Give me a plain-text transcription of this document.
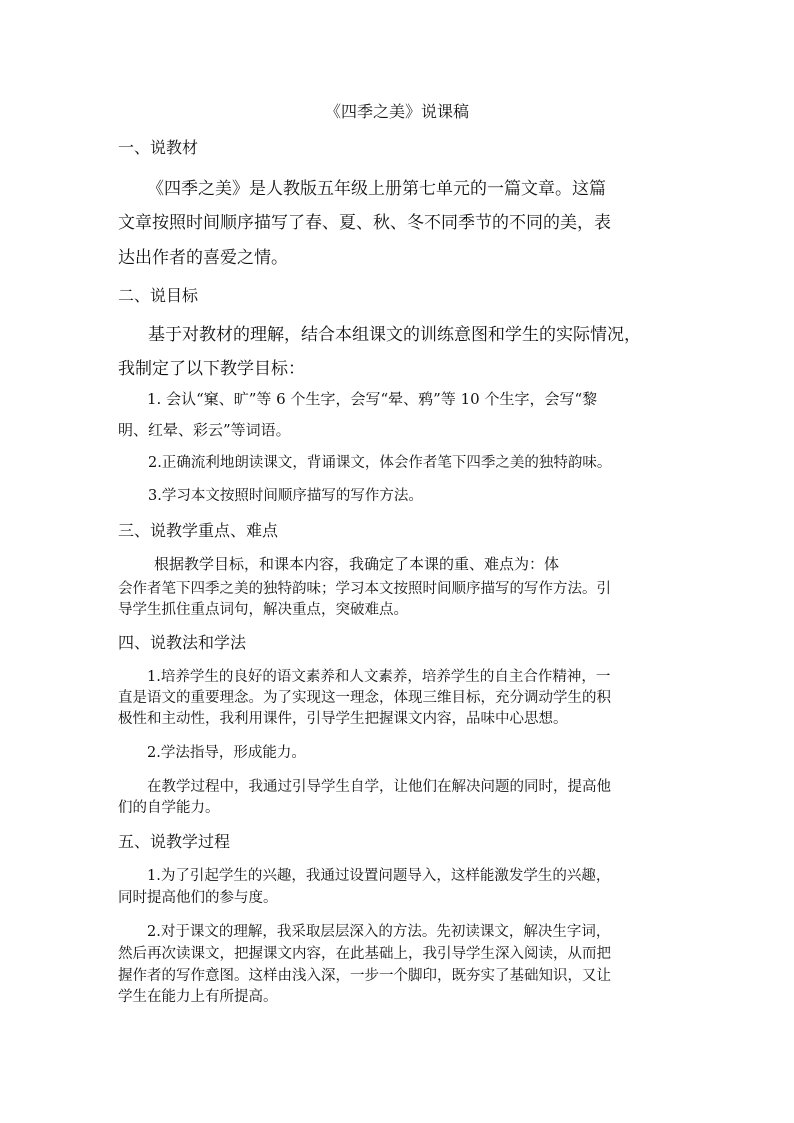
《四季之美》说课稿
一、说教材
《四季之美》是人教版五年级上册第七单元的一篇文章。这篇
文章按照时间顺序描写了春、夏、秋、冬不同季节的不同的美，表
达出作者的喜爱之情。
二、说目标
基于对教材的理解，结合本组课文的训练意图和学生的实际情况，
我制定了以下教学目标：
1. 会认“窠、旷”等 6 个生字，会写“晕、鸦”等 10 个生字，会写“黎
明、红晕、彩云”等词语。
2.正确流利地朗读课文，背诵课文，体会作者笔下四季之美的独特韵味。
3.学习本文按照时间顺序描写的写作方法。
三、说教学重点、难点
根据教学目标，和课本内容，我确定了本课的重、难点为：体
会作者笔下四季之美的独特韵味；学习本文按照时间顺序描写的写作方法。引
导学生抓住重点词句，解决重点，突破难点。
四、说教法和学法
1.培养学生的良好的语文素养和人文素养，培养学生的自主合作精神，一
直是语文的重要理念。为了实现这一理念，体现三维目标，充分调动学生的积
极性和主动性，我利用课件，引导学生把握课文内容，品味中心思想。
2.学法指导，形成能力。
在教学过程中，我通过引导学生自学，让他们在解决问题的同时，提高他
们的自学能力。
五、说教学过程
1.为了引起学生的兴趣，我通过设置问题导入，这样能激发学生的兴趣，
同时提高他们的参与度。
2.对于课文的理解，我采取层层深入的方法。先初读课文，解决生字词，
然后再次读课文，把握课文内容，在此基础上，我引导学生深入阅读，从而把
握作者的写作意图。这样由浅入深，一步一个脚印，既夯实了基础知识，又让
学生在能力上有所提高。
